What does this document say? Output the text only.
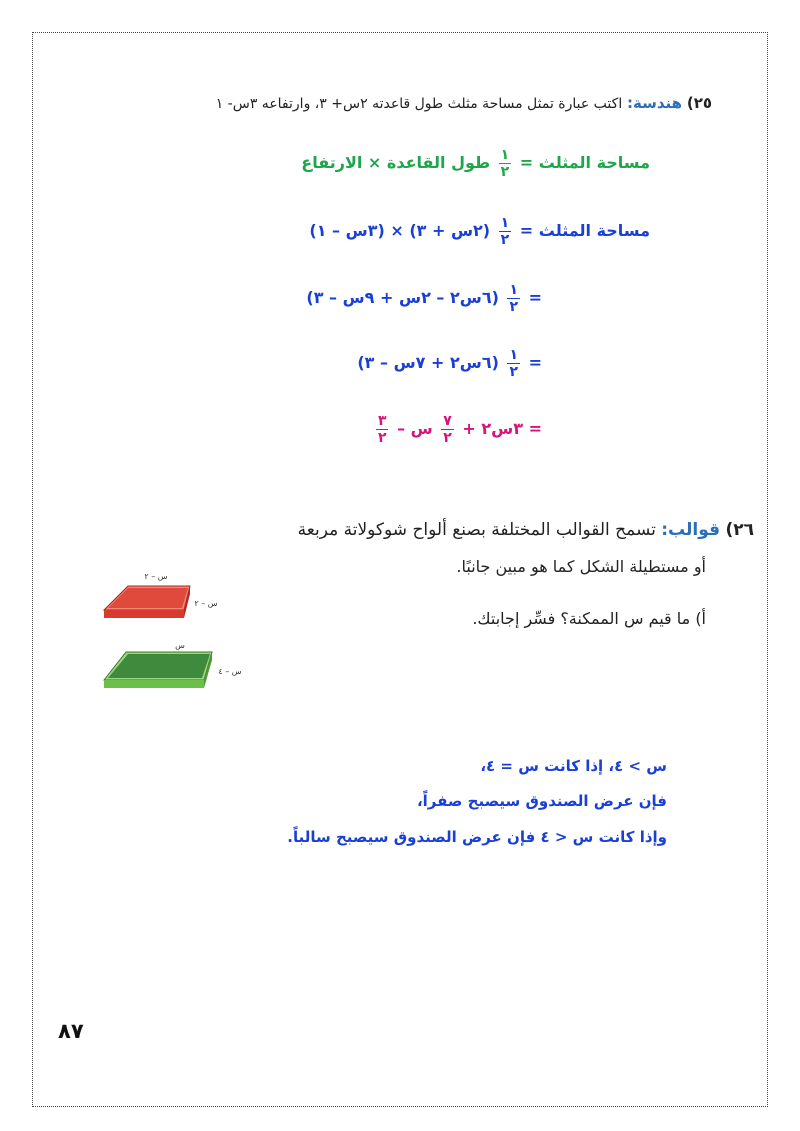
٢٥) هندسة: اكتب عبارة تمثل مساحة مثلث طول قاعدته ٢س+ ٣، وارتفاعه ٣س- ١
مساحة المثلث =
$\frac{١}{٢}$
طول القاعدة × الارتفاع
مساحة المثلث =
$\frac{١}{٢}$
(٢س + ٣) × (٣س – ١)
=
$\frac{١}{٢}$
(٦س٢ – ٢س + ٩س – ٣)
=
$\frac{١}{٢}$
(٦س٢ + ٧س – ٣)
= ٣س٢ +
$\frac{٧}{٢}$
س –
$\frac{٣}{٢}$
٢٦) قوالب: تسمح القوالب المختلفة بصنع ألواح شوكولاتة مربعة
أو مستطيلة الشكل كما هو مبين جانبًا.
أ) ما قيم س الممكنة؟ فسِّر إجابتك.
س – ٢
س – ٢
س
س – ٤
س > ٤، إذا كانت س = ٤،
فإن عرض الصندوق سيصبح صفراً،
وإذا كانت س < ٤ فإن عرض الصندوق سيصبح سالباً.
٨٧
